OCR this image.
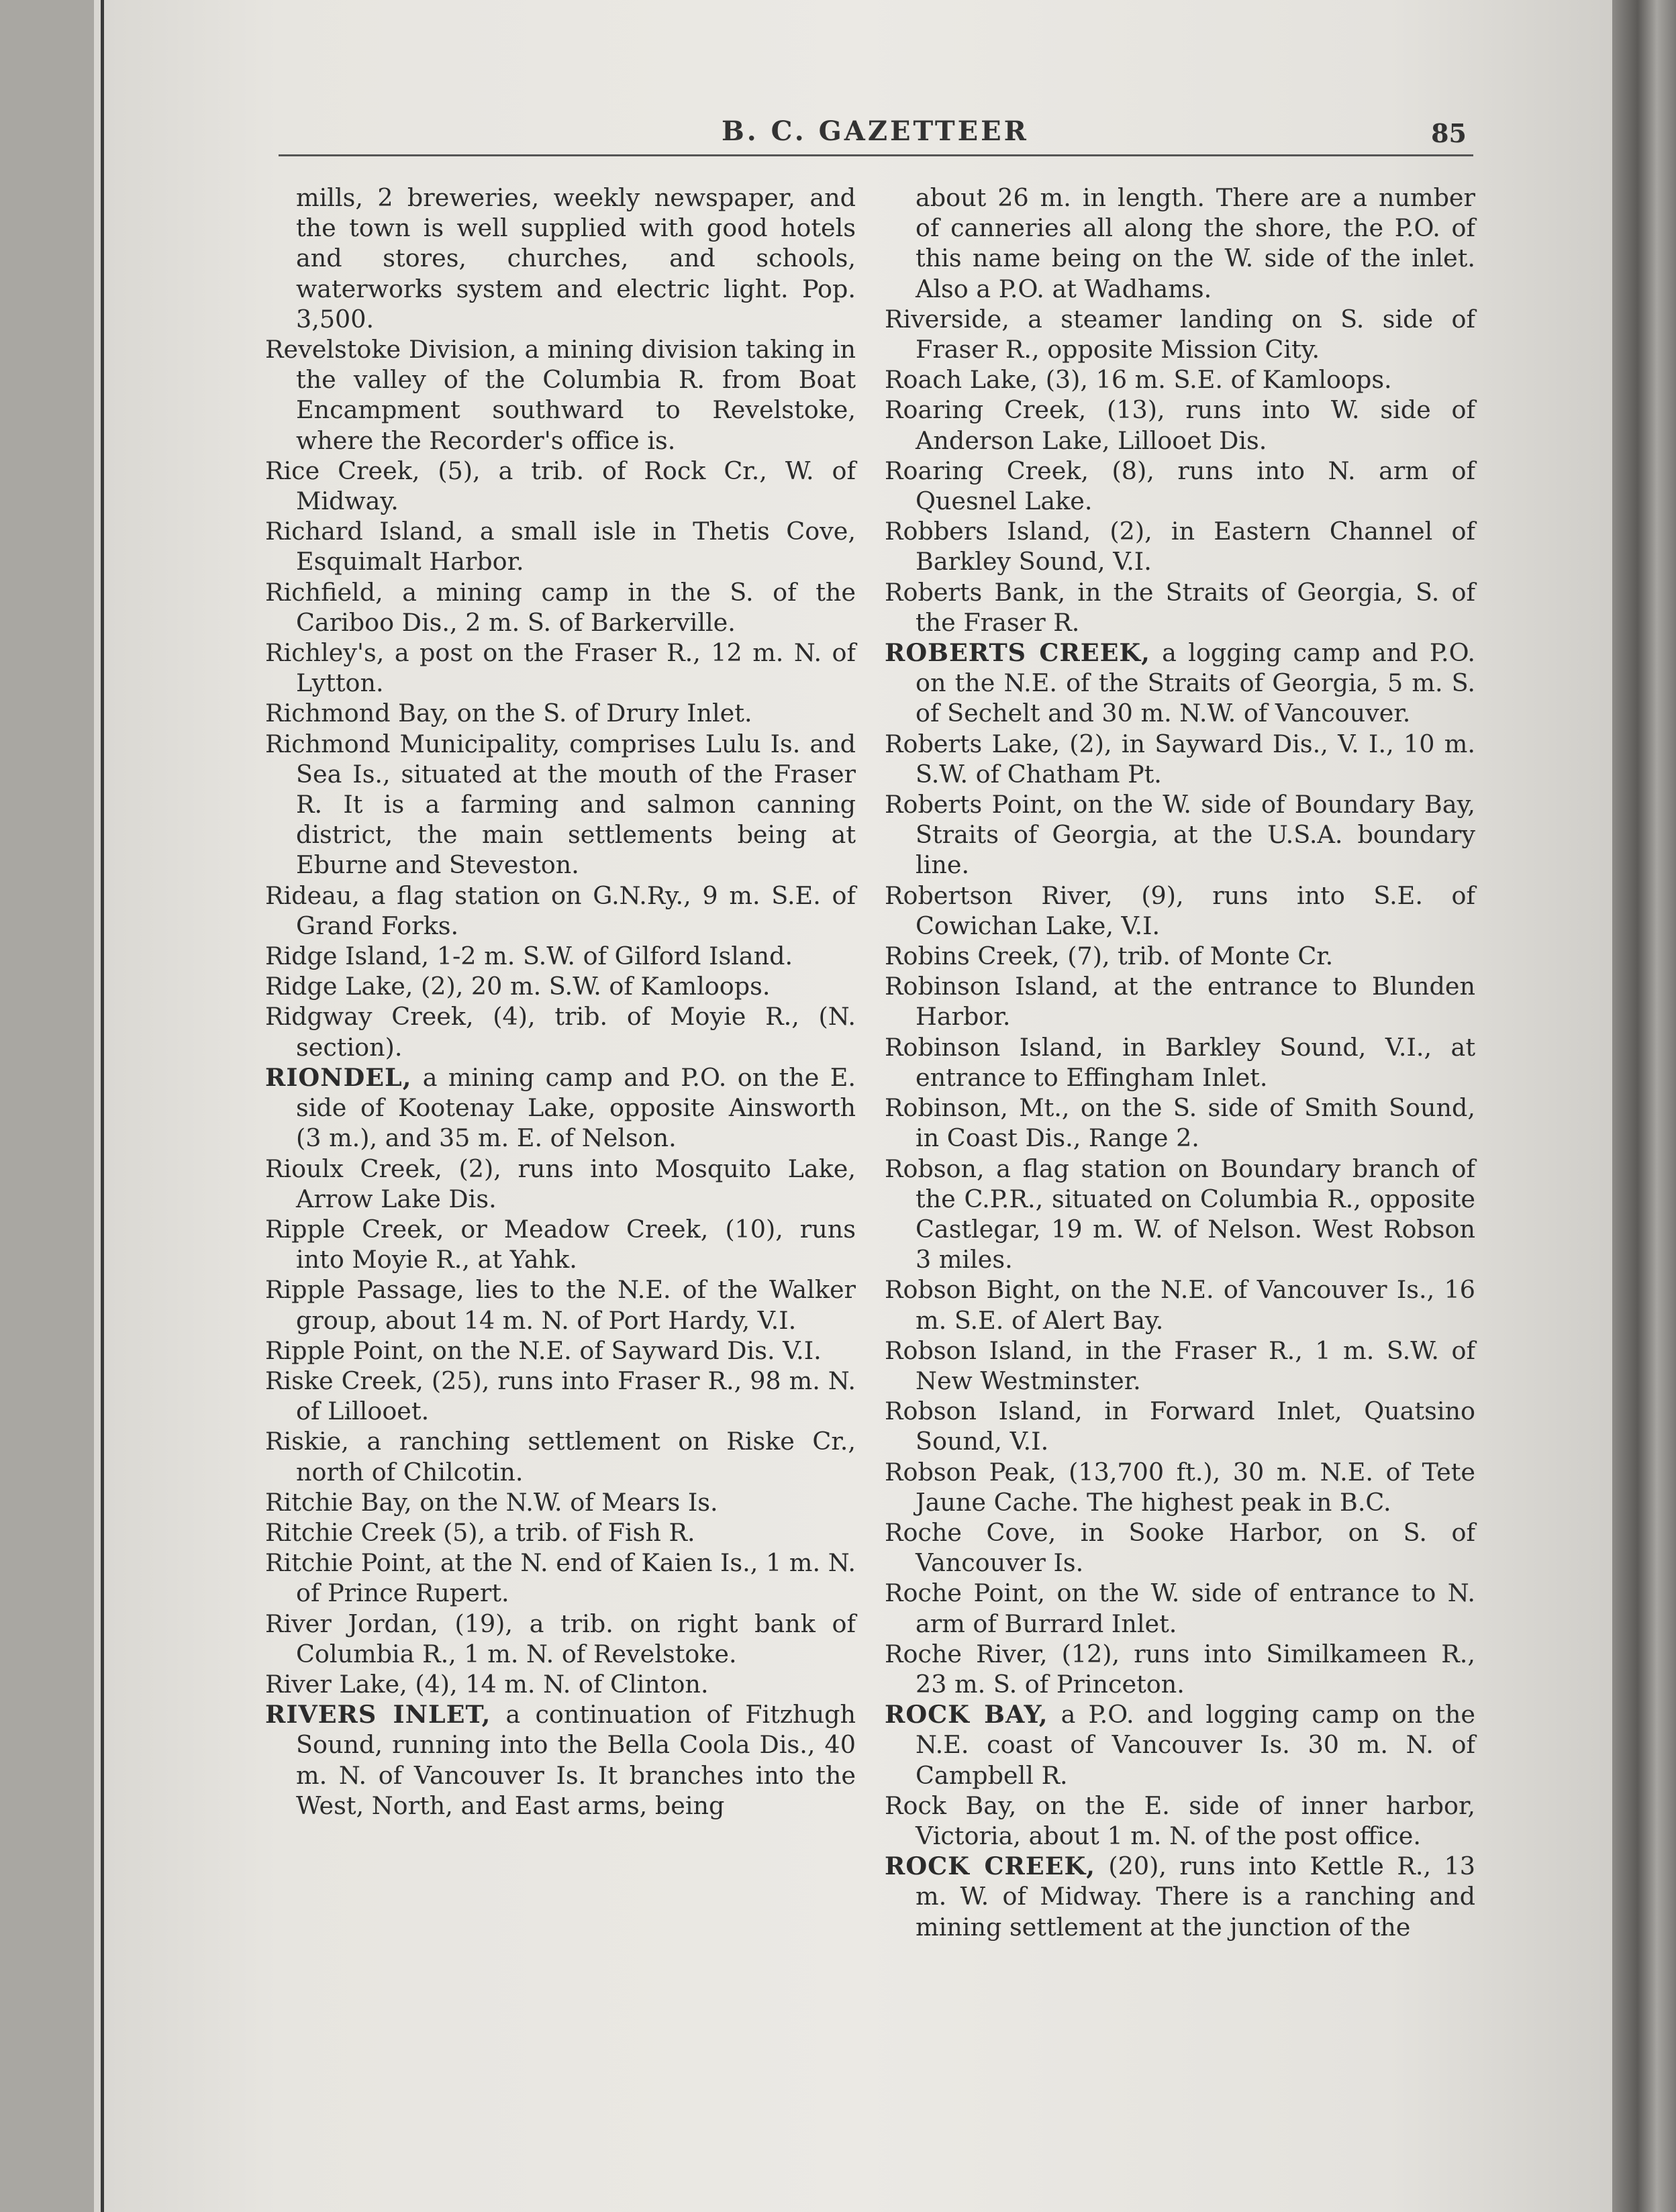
B. C. GAZETTEER	85

mills, 2 breweries, weekly newspaper, and the town is well supplied with good hotels and stores, churches, and schools, waterworks system and electric light. Pop. 3,500.

Revelstoke Division, a mining division taking in the valley of the Columbia R. from Boat Encampment southward to Revelstoke, where the Recorder's office is.

Rice Creek, (5), a trib. of Rock Cr., W. of Midway.

Richard Island, a small isle in Thetis Cove, Esquimalt Harbor.

Richfield, a mining camp in the S. of the Cariboo Dis., 2 m. S. of Barkerville.

Richley's, a post on the Fraser R., 12 m. N. of Lytton.

Richmond Bay, on the S. of Drury Inlet.

Richmond Municipality, comprises Lulu Is. and Sea Is., situated at the mouth of the Fraser R. It is a farming and salmon canning district, the main settlements being at Eburne and Steveston.

Rideau, a flag station on G.N.Ry., 9 m. S.E. of Grand Forks.

Ridge Island, 1-2 m. S.W. of Gilford Island.

Ridge Lake, (2), 20 m. S.W. of Kamloops.

Ridgway Creek, (4), trib. of Moyie R., (N. section).

RIONDEL, a mining camp and P.O. on the E. side of Kootenay Lake, opposite Ainsworth (3 m.), and 35 m. E. of Nelson.

Rioulx Creek, (2), runs into Mosquito Lake, Arrow Lake Dis.

Ripple Creek, or Meadow Creek, (10), runs into Moyie R., at Yahk.

Ripple Passage, lies to the N.E. of the Walker group, about 14 m. N. of Port Hardy, V.I.

Ripple Point, on the N.E. of Sayward Dis. V.I.

Riske Creek, (25), runs into Fraser R., 98 m. N. of Lillooet.

Riskie, a ranching settlement on Riske Cr., north of Chilcotin.

Ritchie Bay, on the N.W. of Mears Is.

Ritchie Creek (5), a trib. of Fish R.

Ritchie Point, at the N. end of Kaien Is., 1 m. N. of Prince Rupert.

River Jordan, (19), a trib. on right bank of Columbia R., 1 m. N. of Revelstoke.

River Lake, (4), 14 m. N. of Clinton.

RIVERS INLET, a continuation of Fitzhugh Sound, running into the Bella Coola Dis., 40 m. N. of Vancouver Is. It branches into the West, North, and East arms, being

about 26 m. in length. There are a number of canneries all along the shore, the P.O. of this name being on the W. side of the inlet. Also a P.O. at Wadhams.

Riverside, a steamer landing on S. side of Fraser R., opposite Mission City.

Roach Lake, (3), 16 m. S.E. of Kamloops.

Roaring Creek, (13), runs into W. side of Anderson Lake, Lillooet Dis.

Roaring Creek, (8), runs into N. arm of Quesnel Lake.

Robbers Island, (2), in Eastern Channel of Barkley Sound, V.I.

Roberts Bank, in the Straits of Georgia, S. of the Fraser R.

ROBERTS CREEK, a logging camp and P.O. on the N.E. of the Straits of Georgia, 5 m. S. of Sechelt and 30 m. N.W. of Vancouver.

Roberts Lake, (2), in Sayward Dis., V. I., 10 m. S.W. of Chatham Pt.

Roberts Point, on the W. side of Boundary Bay, Straits of Georgia, at the U.S.A. boundary line.

Robertson River, (9), runs into S.E. of Cowichan Lake, V.I.

Robins Creek, (7), trib. of Monte Cr.

Robinson Island, at the entrance to Blunden Harbor.

Robinson Island, in Barkley Sound, V.I., at entrance to Effingham Inlet.

Robinson, Mt., on the S. side of Smith Sound, in Coast Dis., Range 2.

Robson, a flag station on Boundary branch of the C.P.R., situated on Columbia R., opposite Castlegar, 19 m. W. of Nelson. West Robson 3 miles.

Robson Bight, on the N.E. of Vancouver Is., 16 m. S.E. of Alert Bay.

Robson Island, in the Fraser R., 1 m. S.W. of New Westminster.

Robson Island, in Forward Inlet, Quatsino Sound, V.I.

Robson Peak, (13,700 ft.), 30 m. N.E. of Tete Jaune Cache. The highest peak in B.C.

Roche Cove, in Sooke Harbor, on S. of Vancouver Is.

Roche Point, on the W. side of entrance to N. arm of Burrard Inlet.

Roche River, (12), runs into Similkameen R., 23 m. S. of Princeton.

ROCK BAY, a P.O. and logging camp on the N.E. coast of Vancouver Is. 30 m. N. of Campbell R.

Rock Bay, on the E. side of inner harbor, Victoria, about 1 m. N. of the post office.

ROCK CREEK, (20), runs into Kettle R., 13 m. W. of Midway. There is a ranching and mining settlement at the junction of the
